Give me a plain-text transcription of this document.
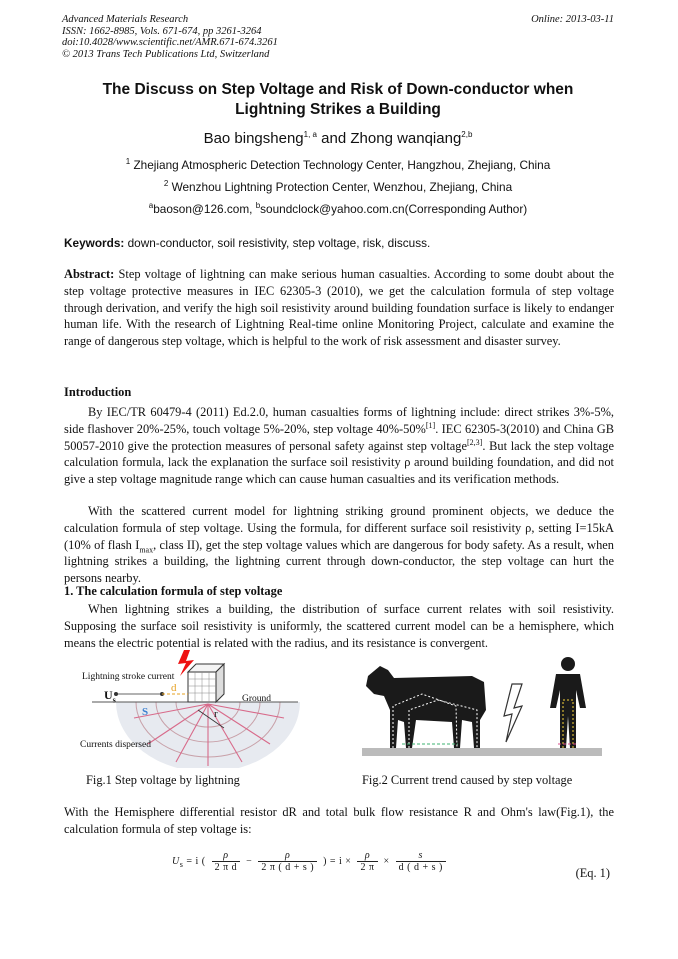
Advanced Materials Research
ISSN: 1662-8985, Vols. 671-674, pp 3261-3264
doi:10.4028/www.scientific.net/AMR.671-674.3261
© 2013 Trans Tech Publications Ltd, Switzerland
Online: 2013-03-11
The Discuss on Step Voltage and Risk of Down-conductor when
Lightning Strikes a Building
Bao bingsheng$^{1, a}$ and Zhong wanqiang$^{2,b}$
$^1$ Zhejiang Atmospheric Detection Technology Center, Hangzhou, Zhejiang, China
$^2$ Wenzhou Lightning Protection Center, Wenzhou, Zhejiang, China
$^a$baoson@126.com, $^b$soundclock@yahoo.com.cn(Corresponding Author)
Keywords: down-conductor, soil resistivity, step voltage, risk, discuss.
Abstract: Step voltage of lightning can make serious human casualties. According to some doubt about the step voltage protective measures in IEC 62305-3 (2010), we get the calculation formula of step voltage through derivation, and verify the high soil resistivity around building foundation surface is likely to endanger human life. With the research of Lightning Real-time online Monitoring Project, calculate and examine the range of dangerous step voltage, which is helpful to the work of risk assessment and disaster survey.
Introduction
By IEC/TR 60479-4 (2011) Ed.2.0, human casualties forms of lightning include: direct strikes 3%-5%, side flashover 20%-25%, touch voltage 5%-20%, step voltage 40%-50%[1]. IEC 62305-3(2010) and China GB 50057-2010 give the protection measures of personal safety against step voltage[2,3]. But lack the step voltage calculation formula, lack the explanation the surface soil resistivity ρ around building foundation, and did not give a step voltage magnitude range which can cause human casualties and its verification methods.
With the scattered current model for lightning striking ground prominent objects, we deduce the calculation formula of step voltage. Using the formula, for different surface soil resistivity ρ, setting I=15kA (10% of flash $I_{max}$, class II), get the step voltage values which are dangerous for body safety. As a result, when lightning strikes a building, the lightning current through down-conductor, the step voltage can hurt the persons nearby.
1. The calculation formula of step voltage
When lightning strikes a building, the distribution of surface current relates with soil resistivity. Supposing the surface soil resistivity is uniformly, the scattered current model can be a hemisphere, which means the electric potential is related with the radius, and its resistance is convergent.
Lightning stroke current
Ground
Currents dispersed
$U_s$
d
S	r
Fig.1 Step voltage by lightning	Fig.2 Current trend caused by step voltage
With the Hemisphere differential resistor dR and total bulk flow resistance R and Ohm's law(Fig.1), the calculation formula of step voltage is:
$U_s = i$ ( $\frac{\rho}{\text{2 π d}} - \frac{\rho}{2 \pi ( d + s )}$ ) = $i \times \frac{\rho}{2 \pi} \times \frac{s}{d ( d + s )}$	(Eq. 1)
